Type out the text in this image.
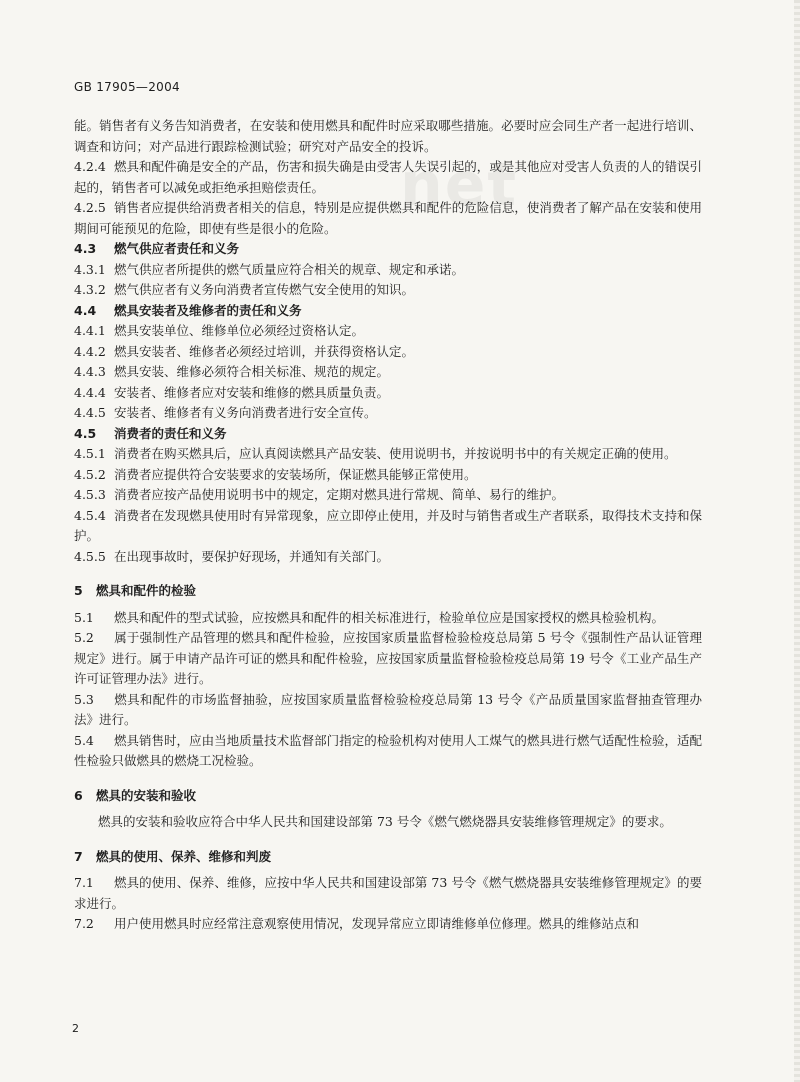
net
GB 17905—2004

能。销售者有义务告知消费者，在安装和使用燃具和配件时应采取哪些措施。必要时应会同生产者一起进行培训、调查和访问；对产品进行跟踪检测试验；研究对产品安全的投诉。

4.2.4 燃具和配件确是安全的产品，伤害和损失确是由受害人失误引起的，或是其他应对受害人负责的人的错误引起的，销售者可以减免或拒绝承担赔偿责任。

4.2.5 销售者应提供给消费者相关的信息，特别是应提供燃具和配件的危险信息，使消费者了解产品在安装和使用期间可能预见的危险，即使有些是很小的危险。

4.3 燃气供应者责任和义务

4.3.1 燃气供应者所提供的燃气质量应符合相关的规章、规定和承诺。

4.3.2 燃气供应者有义务向消费者宣传燃气安全使用的知识。

4.4 燃具安装者及维修者的责任和义务

4.4.1 燃具安装单位、维修单位必须经过资格认定。

4.4.2 燃具安装者、维修者必须经过培训，并获得资格认定。

4.4.3 燃具安装、维修必须符合相关标准、规范的规定。

4.4.4 安装者、维修者应对安装和维修的燃具质量负责。

4.4.5 安装者、维修者有义务向消费者进行安全宣传。

4.5 消费者的责任和义务

4.5.1 消费者在购买燃具后，应认真阅读燃具产品安装、使用说明书，并按说明书中的有关规定正确的使用。

4.5.2 消费者应提供符合安装要求的安装场所，保证燃具能够正常使用。

4.5.3 消费者应按产品使用说明书中的规定，定期对燃具进行常规、简单、易行的维护。

4.5.4 消费者在发现燃具使用时有异常现象，应立即停止使用，并及时与销售者或生产者联系，取得技术支持和保护。

4.5.5 在出现事故时，要保护好现场，并通知有关部门。

5 燃具和配件的检验

5.1 燃具和配件的型式试验，应按燃具和配件的相关标准进行，检验单位应是国家授权的燃具检验机构。

5.2 属于强制性产品管理的燃具和配件检验，应按国家质量监督检验检疫总局第 5 号令《强制性产品认证管理规定》进行。属于申请产品许可证的燃具和配件检验，应按国家质量监督检验检疫总局第 19 号令《工业产品生产许可证管理办法》进行。

5.3 燃具和配件的市场监督抽验，应按国家质量监督检验检疫总局第 13 号令《产品质量国家监督抽查管理办法》进行。

5.4 燃具销售时，应由当地质量技术监督部门指定的检验机构对使用人工煤气的燃具进行燃气适配性检验，适配性检验只做燃具的燃烧工况检验。

6 燃具的安装和验收

燃具的安装和验收应符合中华人民共和国建设部第 73 号令《燃气燃烧器具安装维修管理规定》的要求。

7 燃具的使用、保养、维修和判废

7.1 燃具的使用、保养、维修，应按中华人民共和国建设部第 73 号令《燃气燃烧器具安装维修管理规定》的要求进行。

7.2 用户使用燃具时应经常注意观察使用情况，发现异常应立即请维修单位修理。燃具的维修站点和

2
